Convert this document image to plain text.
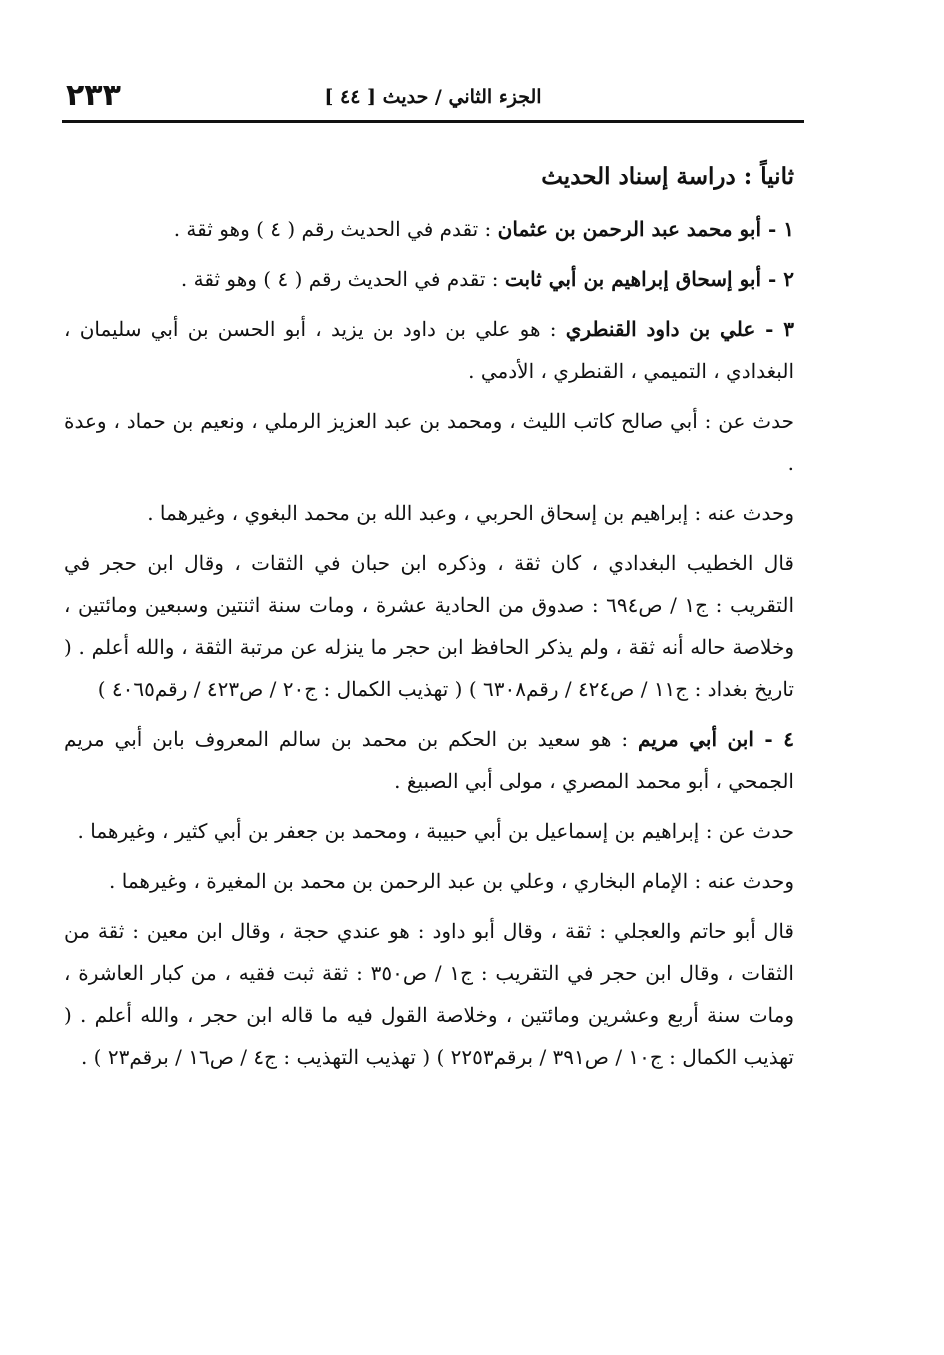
الجزء الثاني / حديث [ ٤٤ ]
٢٣٣

ثانياً : دراسة إسناد الحديث

١ - أبو محمد عبد الرحمن بن عثمان : تقدم في الحديث رقم ( ٤ ) وهو ثقة .

٢ - أبو إسحاق إبراهيم بن أبي ثابت : تقدم في الحديث رقم ( ٤ ) وهو ثقة .

٣ - علي بن داود القنطري : هو علي بن داود بن يزيد ، أبو الحسن بن أبي سليمان ، البغدادي ، التميمي ، القنطري ، الأدمي .

حدث عن : أبي صالح كاتب الليث ، ومحمد بن عبد العزيز الرملي ، ونعيم بن حماد ، وعدة .

وحدث عنه : إبراهيم بن إسحاق الحربي ، وعبد الله بن محمد البغوي ، وغيرهما .

قال الخطيب البغدادي ، كان ثقة ، وذكره ابن حبان في الثقات ، وقال ابن حجر في التقريب : ج١ / ص٦٩٤ : صدوق من الحادية عشرة ، ومات سنة اثنتين وسبعين ومائتين ، وخلاصة حاله أنه ثقة ، ولم يذكر الحافظ ابن حجر ما ينزله عن مرتبة الثقة ، والله أعلم . ( تاريخ بغداد : ج١١ / ص٤٢٤ / رقم٦٣٠٨ ) ( تهذيب الكمال : ج٢٠ / ص٤٢٣ / رقم٤٠٦٥ )

٤ - ابن أبي مريم : هو سعيد بن الحكم بن محمد بن سالم المعروف بابن أبي مريم الجمحي ، أبو محمد المصري ، مولى أبي الصبيغ .

حدث عن : إبراهيم بن إسماعيل بن أبي حبيبة ، ومحمد بن جعفر بن أبي كثير ، وغيرهما .

وحدث عنه : الإمام البخاري ، وعلي بن عبد الرحمن بن محمد بن المغيرة ، وغيرهما .

قال أبو حاتم والعجلي : ثقة ، وقال أبو داود : هو عندي حجة ، وقال ابن معين : ثقة من الثقات ، وقال ابن حجر في التقريب : ج١ / ص٣٥٠ : ثقة ثبت فقيه ، من كبار العاشرة ، ومات سنة أربع وعشرين ومائتين ، وخلاصة القول فيه ما قاله ابن حجر ، والله أعلم . ( تهذيب الكمال : ج١٠ / ص٣٩١ / برقم٢٢٥٣ ) ( تهذيب التهذيب : ج٤ / ص١٦ / برقم٢٣ ) .
